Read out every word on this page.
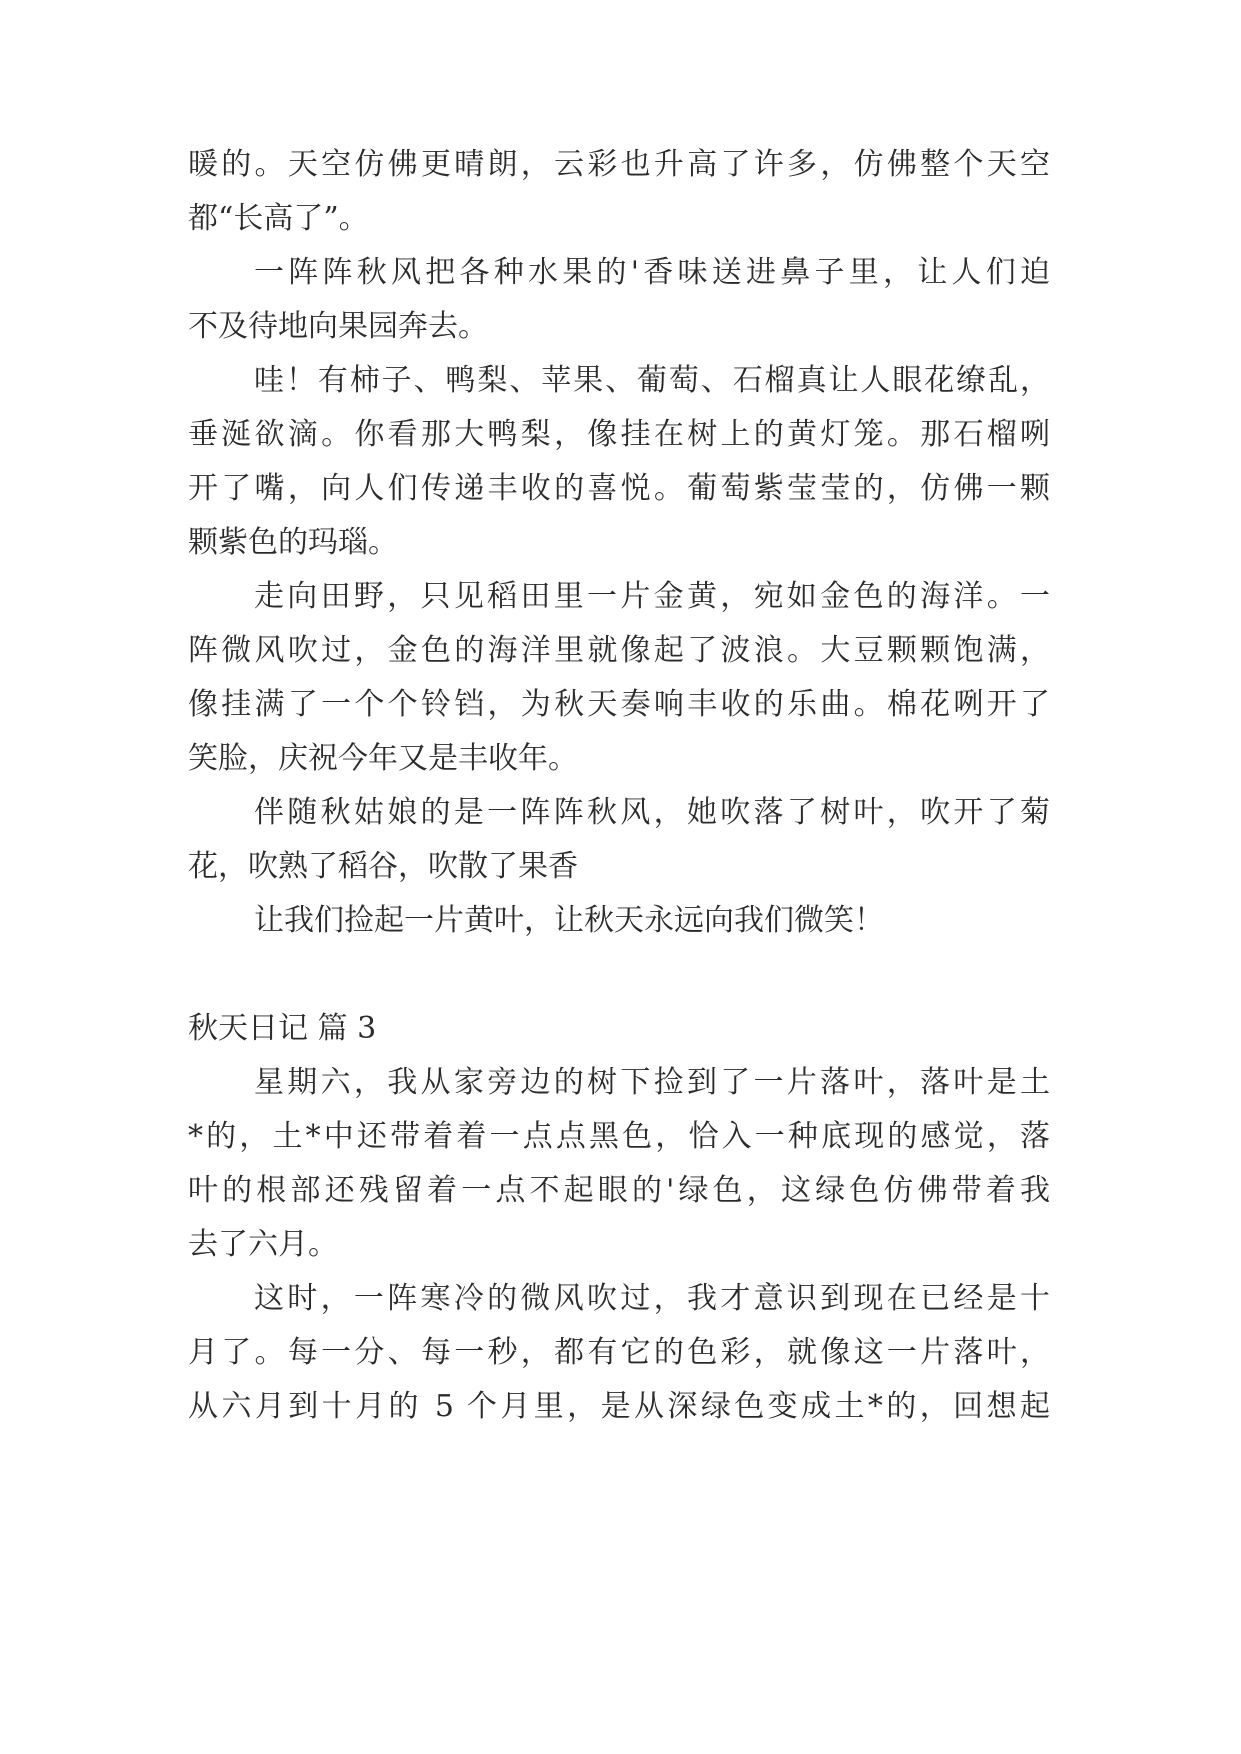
暖的。天空仿佛更晴朗，云彩也升高了许多，仿佛整个天空
都“长高了”。
一阵阵秋风把各种水果的'香味送进鼻子里，让人们迫
不及待地向果园奔去。
哇！有柿子、鸭梨、苹果、葡萄、石榴真让人眼花缭乱，
垂涎欲滴。你看那大鸭梨，像挂在树上的黄灯笼。那石榴咧
开了嘴，向人们传递丰收的喜悦。葡萄紫莹莹的，仿佛一颗
颗紫色的玛瑙。
走向田野，只见稻田里一片金黄，宛如金色的海洋。一
阵微风吹过，金色的海洋里就像起了波浪。大豆颗颗饱满，
像挂满了一个个铃铛，为秋天奏响丰收的乐曲。棉花咧开了
笑脸，庆祝今年又是丰收年。
伴随秋姑娘的是一阵阵秋风，她吹落了树叶，吹开了菊
花，吹熟了稻谷，吹散了果香
让我们捡起一片黄叶，让秋天永远向我们微笑！
秋天日记 篇 3
星期六，我从家旁边的树下捡到了一片落叶，落叶是土
*的，土*中还带着着一点点黑色，恰入一种底现的感觉，落
叶的根部还残留着一点不起眼的'绿色，这绿色仿佛带着我
去了六月。
这时，一阵寒冷的微风吹过，我才意识到现在已经是十
月了。每一分、每一秒，都有它的色彩，就像这一片落叶，
从六月到十月的 5 个月里，是从深绿色变成土*的，回想起
